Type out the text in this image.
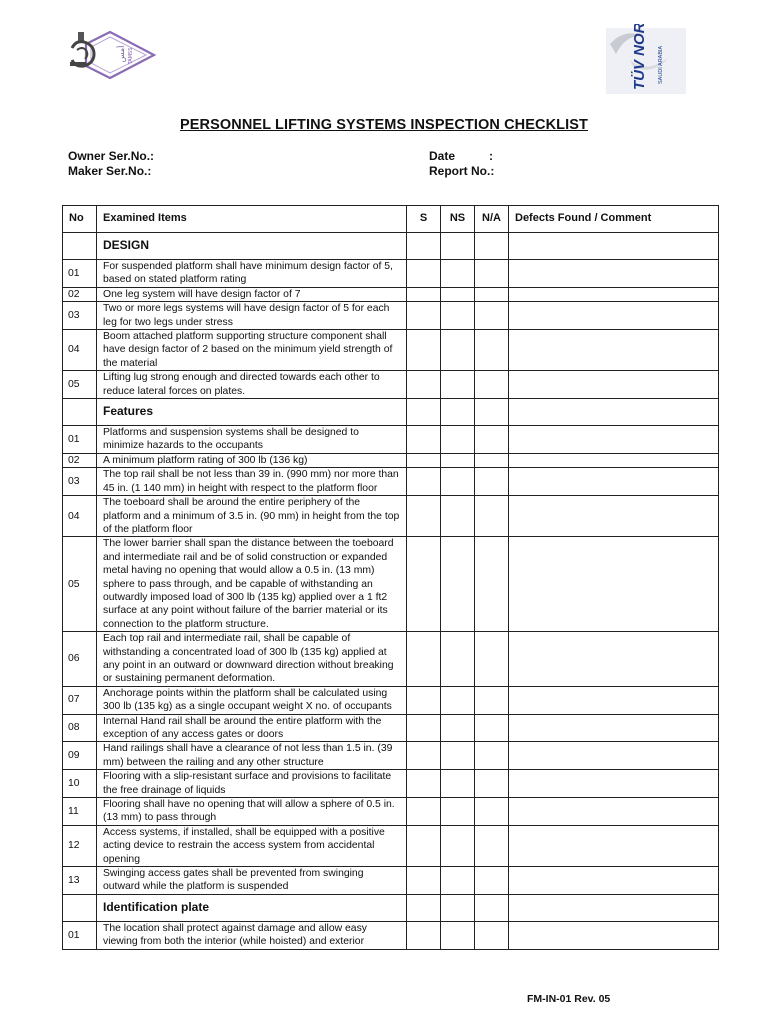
أمس TAMSS	TÜV NORD SAUDI ARABIA
PERSONNEL LIFTING SYSTEMS INSPECTION CHECKLIST
Owner Ser.No.:
Maker Ser.No.:
Date	:
Report No.:
No	Examined Items	S	NS	N/A	Defects Found / Comment
	DESIGN				
01	For suspended platform shall have minimum design factor of 5, based on stated platform rating				
02	One leg system will have design factor of 7				
03	Two or more legs systems will have design factor of 5 for each leg for two legs under stress				
04	Boom attached platform supporting structure component shall have design factor of 2 based on the minimum yield strength of the material				
05	Lifting lug strong enough and directed towards each other to reduce lateral forces on plates.				
	Features				
01	Platforms and suspension systems shall be designed to minimize hazards to the occupants				
02	A minimum platform rating of 300 lb (136 kg)				
03	The top rail shall be not less than 39 in. (990 mm) nor more than 45 in. (1 140 mm) in height with respect to the platform floor				
04	The toeboard shall be around the entire periphery of the platform and a minimum of 3.5 in. (90 mm) in height from the top of the platform floor				
05	The lower barrier shall span the distance between the toeboard and intermediate rail and be of solid construction or expanded metal having no opening that would allow a 0.5 in. (13 mm) sphere to pass through, and be capable of withstanding an outwardly imposed load of 300 lb (135 kg) applied over a 1 ft2 surface at any point without failure of the barrier material or its connection to the platform structure.				
06	Each top rail and intermediate rail, shall be capable of withstanding a concentrated load of 300 lb (135 kg) applied at any point in an outward or downward direction without breaking or sustaining permanent deformation.				
07	Anchorage points within the platform shall be calculated using 300 lb (135 kg) as a single occupant weight X no. of occupants				
08	Internal Hand rail shall be around the entire platform with the exception of any access gates or doors				
09	Hand railings shall have a clearance of not less than 1.5 in. (39 mm) between the railing and any other structure				
10	Flooring with a slip-resistant surface and provisions to facilitate the free drainage of liquids				
11	Flooring shall have no opening that will allow a sphere of 0.5 in. (13 mm) to pass through				
12	Access systems, if installed, shall be equipped with a positive acting device to restrain the access system from accidental opening				
13	Swinging access gates shall be prevented from swinging outward while the platform is suspended				
	Identification plate				
01	The location shall protect against damage and allow easy viewing from both the interior (while hoisted) and exterior				
FM-IN-01 Rev. 05
